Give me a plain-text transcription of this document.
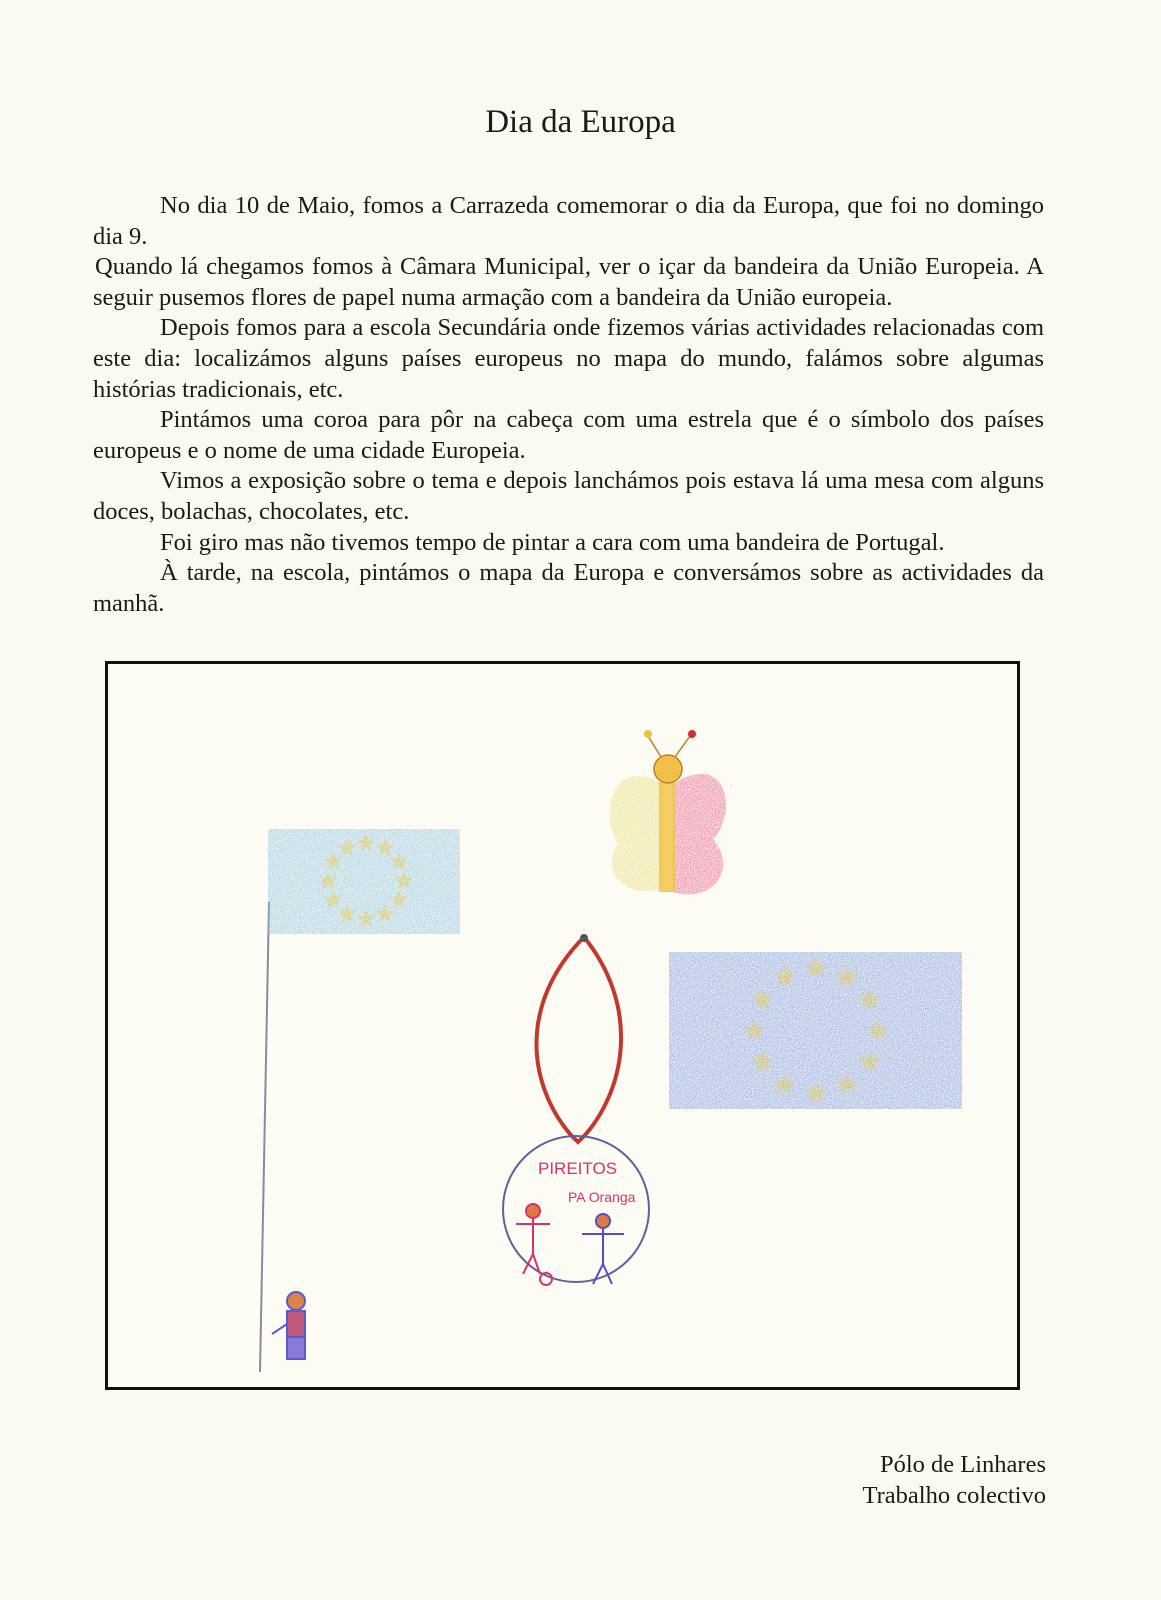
Dia da Europa

No dia 10 de Maio, fomos a Carrazeda comemorar o dia da Europa, que foi no domingo dia 9.

Quando lá chegamos fomos à Câmara Municipal, ver o içar da bandeira da União Europeia. A seguir pusemos flores de papel numa armação com a bandeira da União europeia.

Depois fomos para a escola Secundária onde fizemos várias actividades relacionadas com este dia: localizámos alguns países europeus no mapa do mundo, falámos sobre algumas histórias tradicionais, etc.

Pintámos uma coroa para pôr na cabeça com uma estrela que é o símbolo dos países europeus e o nome de uma cidade Europeia.

Vimos a exposição sobre o tema e depois lanchámos pois estava lá uma mesa com alguns doces, bolachas, chocolates, etc.

Foi giro mas não tivemos tempo de pintar a cara com uma bandeira de Portugal.

À tarde, na escola, pintámos o mapa da Europa e conversámos sobre as actividades da manhã.

PIREITOS
PA Oranga
Pólo de Linhares
Trabalho colectivo
